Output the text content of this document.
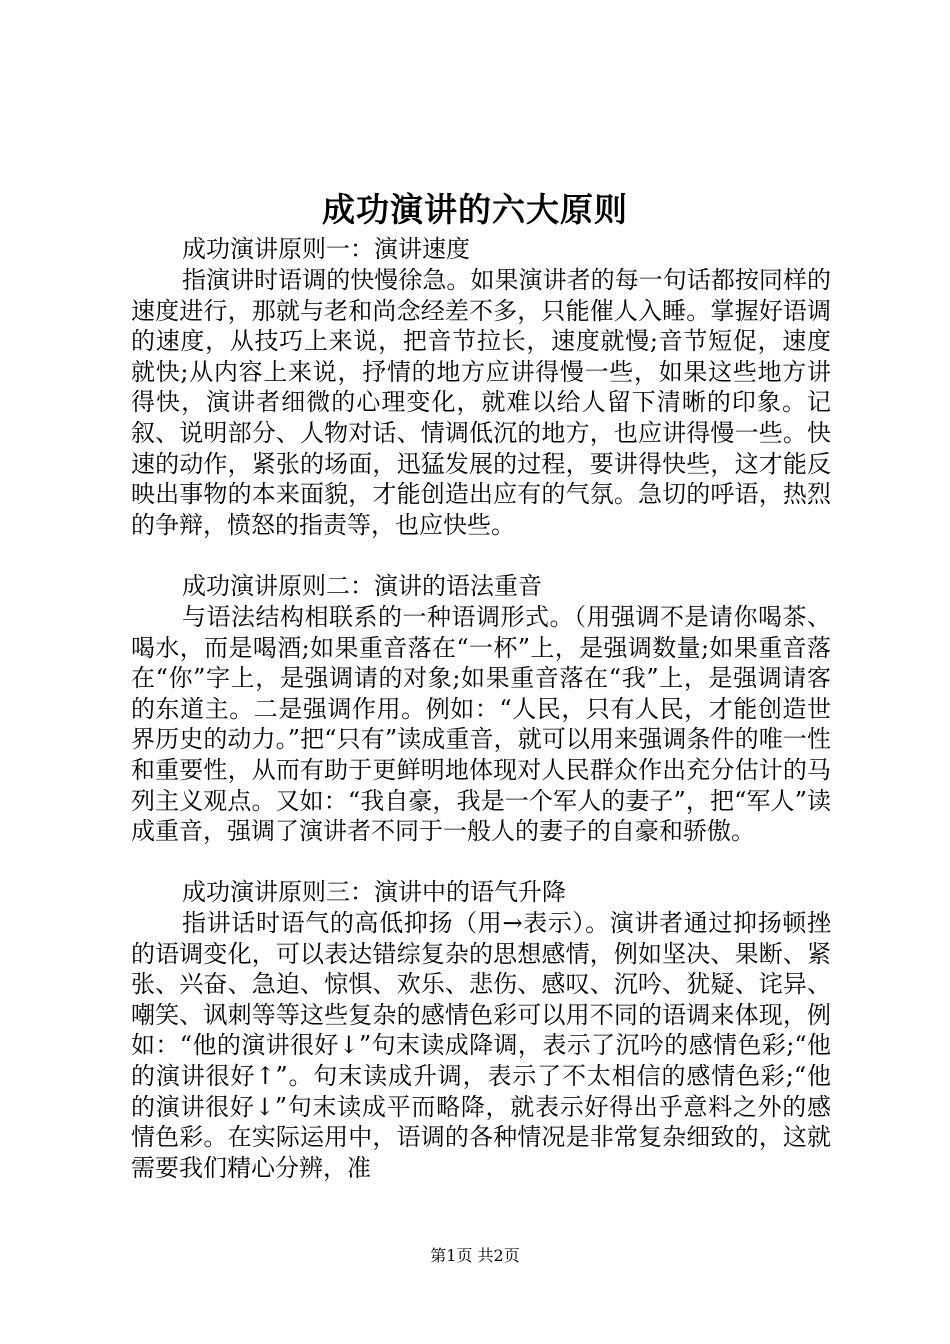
成功演讲的六大原则
成功演讲原则一：演讲速度

指演讲时语调的快慢徐急。如果演讲者的每一句话都按同样的速度进行，那就与老和尚念经差不多，只能催人入睡。掌握好语调的速度，从技巧上来说，把音节拉长，速度就慢;音节短促，速度就快;从内容上来说，抒情的地方应讲得慢一些，如果这些地方讲得快，演讲者细微的心理变化，就难以给人留下清晰的印象。记叙、说明部分、人物对话、情调低沉的地方，也应讲得慢一些。快速的动作，紧张的场面，迅猛发展的过程，要讲得快些，这才能反映出事物的本来面貌，才能创造出应有的气氛。急切的呼语，热烈的争辩，愤怒的指责等，也应快些。

成功演讲原则二：演讲的语法重音

与语法结构相联系的一种语调形式。（用强调不是请你喝茶、喝水，而是喝酒;如果重音落在“一杯”上，是强调数量;如果重音落在“你”字上，是强调请的对象;如果重音落在“我”上，是强调请客的东道主。二是强调作用。例如：“人民，只有人民，才能创造世界历史的动力。”把“只有”读成重音，就可以用来强调条件的唯一性和重要性，从而有助于更鲜明地体现对人民群众作出充分估计的马列主义观点。又如：“我自豪，我是一个军人的妻子”，把“军人”读成重音，强调了演讲者不同于一般人的妻子的自豪和骄傲。

成功演讲原则三：演讲中的语气升降

指讲话时语气的高低抑扬（用→表示）。演讲者通过抑扬顿挫的语调变化，可以表达错综复杂的思想感情，例如坚决、果断、紧张、兴奋、急迫、惊惧、欢乐、悲伤、感叹、沉吟、犹疑、诧异、嘲笑、讽刺等等这些复杂的感情色彩可以用不同的语调来体现，例如：“他的演讲很好↓”句末读成降调，表示了沉吟的感情色彩;“他的演讲很好↑”。句末读成升调，表示了不太相信的感情色彩;“他的演讲很好↓”句末读成平而略降，就表示好得出乎意料之外的感情色彩。在实际运用中，语调的各种情况是非常复杂细致的，这就需要我们精心分辨，准

第1页 共2页
